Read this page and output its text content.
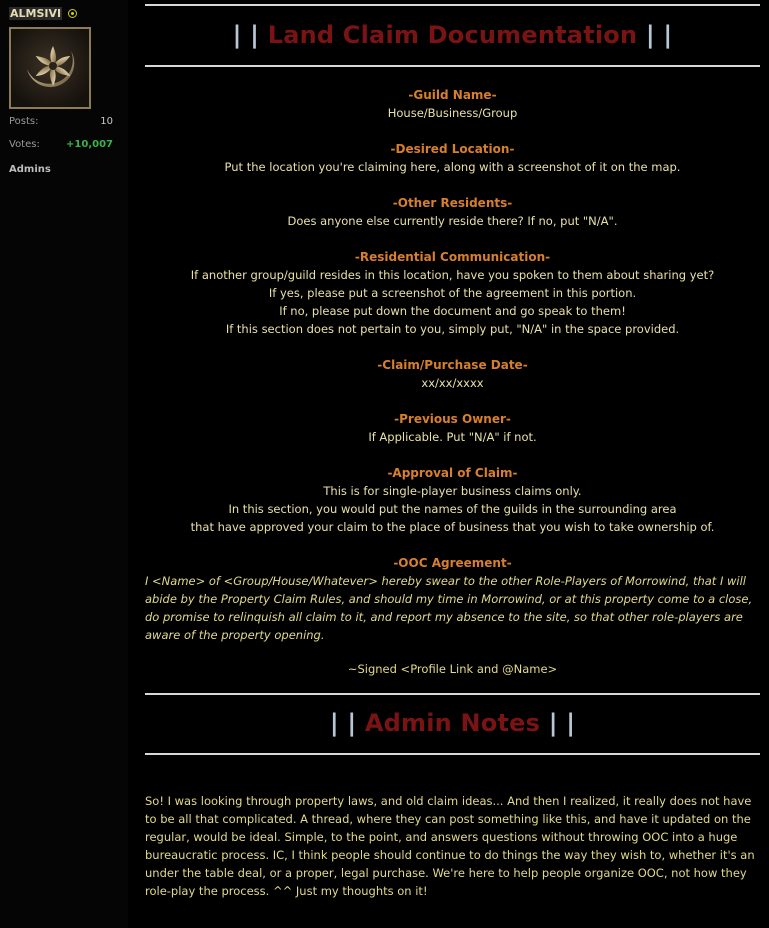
ALMSIVI
Posts:	10
Votes:	+10,007
Admins
| | Land Claim Documentation | |
-Guild Name-
House/Business/Group
-Desired Location-
Put the location you're claiming here, along with a screenshot of it on the map.
-Other Residents-
Does anyone else currently reside there? If no, put "N/A".
-Residential Communication-
If another group/guild resides in this location, have you spoken to them about sharing yet?
If yes, please put a screenshot of the agreement in this portion.
If no, please put down the document and go speak to them!
If this section does not pertain to you, simply put, "N/A" in the space provided.
-Claim/Purchase Date-
xx/xx/xxxx
-Previous Owner-
If Applicable. Put "N/A" if not.
-Approval of Claim-
This is for single-player business claims only.
In this section, you would put the names of the guilds in the surrounding area
that have approved your claim to the place of business that you wish to take ownership of.
-OOC Agreement-
I <Name> of <Group/House/Whatever> hereby swear to the other Role-Players of Morrowind, that I will abide by the Property Claim Rules, and should my time in Morrowind, or at this property come to a close, do promise to relinquish all claim to it, and report my absence to the site, so that other role-players are aware of the property opening.
~Signed <Profile Link and @Name>
| | Admin Notes | |
So! I was looking through property laws, and old claim ideas... And then I realized, it really does not have to be all that complicated. A thread, where they can post something like this, and have it updated on the regular, would be ideal. Simple, to the point, and answers questions without throwing OOC into a huge bureaucratic process. IC, I think people should continue to do things the way they wish to, whether it's an under the table deal, or a proper, legal purchase. We're here to help people organize OOC, not how they role-play the process. ^^ Just my thoughts on it!
